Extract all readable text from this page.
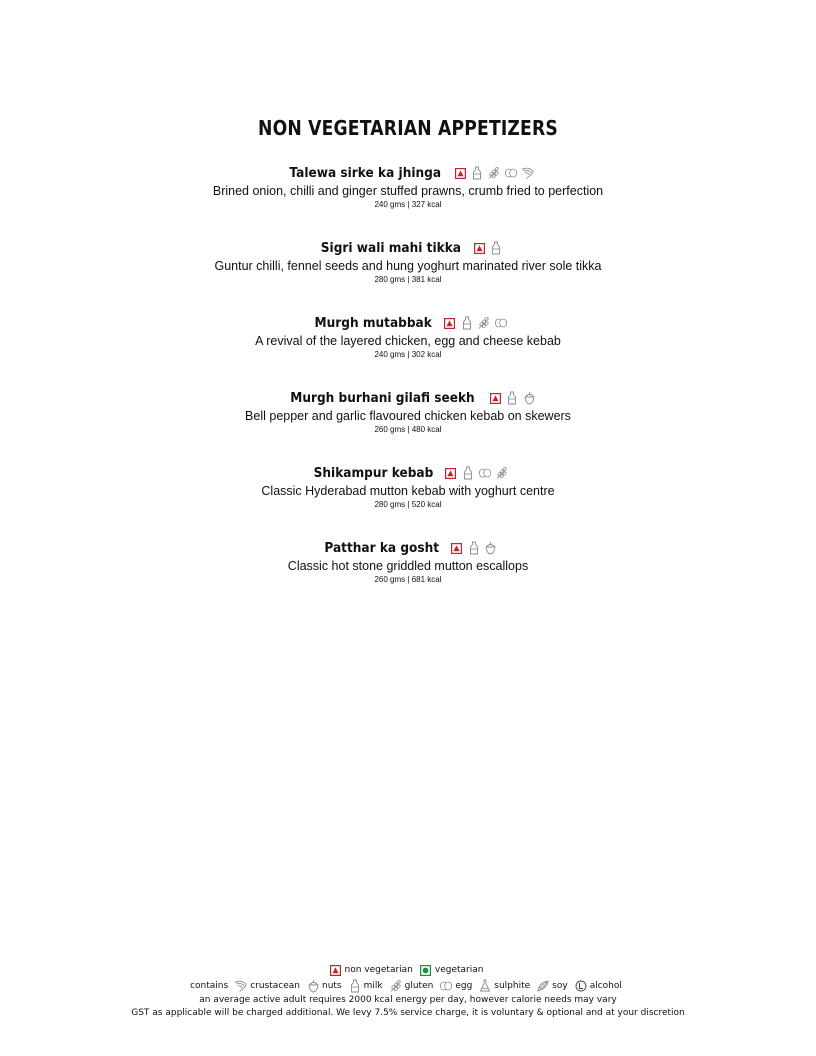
NON VEGETARIAN APPETIZERS
Talewa sirke ka jhinga
Brined onion, chilli and ginger stuffed prawns, crumb fried to perfection
240 gms | 327 kcal
Sigri wali mahi tikka
Guntur chilli, fennel seeds and hung yoghurt marinated river sole tikka
280 gms | 381 kcal
Murgh mutabbak
A revival of the layered chicken, egg and cheese kebab
240 gms | 302 kcal
Murgh burhani gilafi seekh
Bell pepper and garlic flavoured chicken kebab on skewers
260 gms | 480 kcal
Shikampur kebab
Classic Hyderabad mutton kebab with yoghurt centre
280 gms | 520 kcal
Patthar ka gosht
Classic hot stone griddled mutton escallops
260 gms | 681 kcal
non vegetarian vegetarian
contains crustacean nuts milk gluten egg sulphite soy alcohol
an average active adult requires 2000 kcal energy per day, however calorie needs may vary
GST as applicable will be charged additional. We levy 7.5% service charge, it is voluntary & optional and at your discretion
